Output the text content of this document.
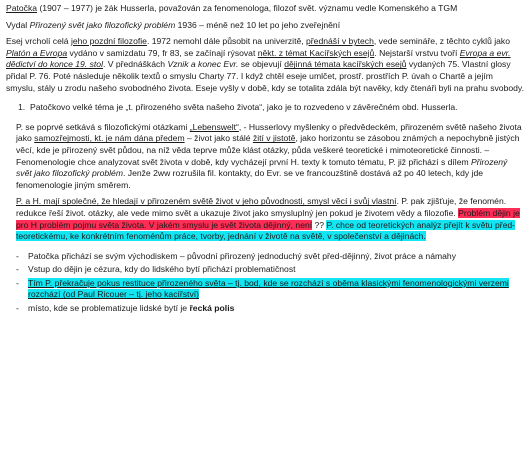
Patočka (1907 – 1977) je žák Husserla, považován za fenomenologa, filozof svět. významu vedle Komenského a TGM

Vydal Přirozený svět jako filozofický problém 1936 – méně než 10 let po jeho zveřejnění

Esej vrcholí celá jeho pozdní filozofie. 1972 nemohl dále působit na univerzitě, přednáší v bytech, vede semináře, z těchto cyklů jako Platón a Evropa vydáno v samizdatu 79, fr 83, se začínají rýsovat někt. z témat Kacířských esejů. Nejstarší vrstvu tvoří Evropa a evr. dědictví do konce 19. stol. V přednáškách Vznik a konec Evr. se objevují dějinná témata kacířských esejů vydaných 75. Vlastní glosy přidal P. 76. Poté následuje několik textů o smyslu Charty 77. I když chtěl eseje umlčet, prostř. prostřích P. úvah o Chartě a jejím smyslu, stály u zrodu našeho svobodného života. Eseje vyšly v době, kdy se totalita zdála být navěky, kdy čtenáři byli na prahu svobody.

1. Patočkovo velké téma je „t. přirozeného světa našeho života“, jako je to rozvedeno v závěrečném obd. Husserla.

P. se poprvé setkává s filozofickými otázkami „Lebenswelt“, - Husserlovy myšlenky o předvědeckém, přirozeném světě našeho života jako samozřejmosti, kt. je nám dána předem – život jako stálé žití v jistotě, jako horizontu se zásobou známých a nepochybně jistých věcí, kde je přirozený svět půdou, na níž věda teprve může klást otázky, půda veškeré teoretické i mimoteoretické činnosti. – Fenomenologie chce analyzovat svět života v době, kdy vycházejí první H. texty k tomuto tématu, P. již přichází s dílem Přirozený svět jako filozofický problém. Jenže 2ww rozrušila fil. kontakty, do Evr. se ve francouzštině dostává až po 40 letech, kdy jde fenomenologie jiným směrem.

P. a H. mají společné, že hledají v přirozeném světě život v jeho původnosti, smysl věcí i svůj vlastní. P. pak zjišťuje, že fenomén. redukce řeší život. otázky, ale vede mimo svět a ukazuje život jako smysluplný jen pokud je životem vědy a filozofie. Problém dějin je pro H problém pojmu světa života. V jakém smyslu je svět života dějinný, není ?? P. chce od teoretických analýz přejít k světu před-teoretickému, ke konkrétním fenoménům práce, tvorby, jednání v životě na světě, v společenství a dějinách.

-	Patočka přichází se svým východiskem – původní přirozený jednoduchý svět před-dějinný, život práce a námahy
-	Vstup do dějin je cézura, kdy do lidského bytí přichází problematičnost
-	Tím P. překračuje pokus restituce přirozeného světa – tj. bod, kde se rozchází s oběma klasickými fenomenologickými verzemi rozchází (od Paul Ricouer – tj. jeho kacířství)
-	místo, kde se problematizuje lidské bytí je řecká polis
